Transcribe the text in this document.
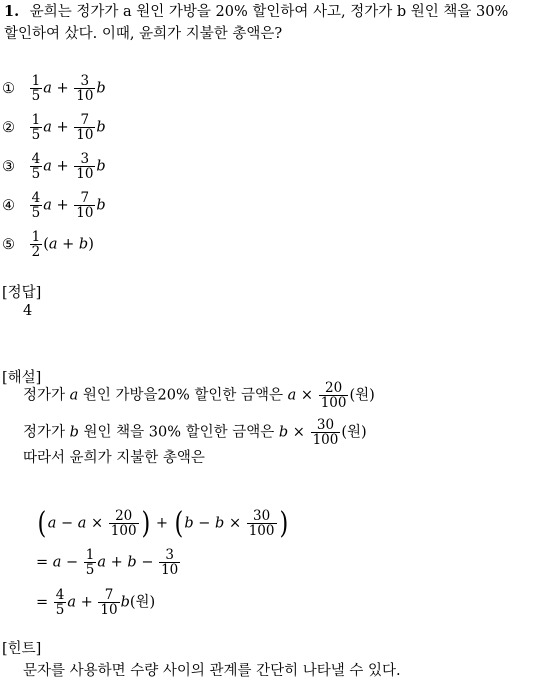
1. 윤희는 정가가 a 원인 가방을 20% 할인하여 사고, 정가가 b 원인 책을 30%
할인하여 샀다. 이때, 윤희가 지불한 총액은?
① $\frac{1}{5}$ $a + \frac{3}{10}$ b
② $\frac{1}{5}$ $a + \frac{7}{10}$ b
③ $\frac{4}{5}$ $a + \frac{3}{10}$ b
④ $\frac{4}{5}$ $a + \frac{7}{10}$ b
⑤ $\frac{1}{2} (a + b)$
[정답]
4
[해설]
정가가 a 원인 가방을20% 할인한 금액은 $a \times \frac{20}{100}$ (원)
정가가 b 원인 책을 30% 할인한 금액은 $b \times \frac{30}{100}$ (원)
따라서 윤희가 지불한 총액은
($a - a \times \frac{20}{100}$ ) + ($b - b \times \frac{30}{100}$ )
= $a - \frac{1}{5}$ $a + b - \frac{3}{10}$
= $\frac{4}{5}$ $a + \frac{7}{10} b$(원)
[힌트]
문자를 사용하면 수량 사이의 관계를 간단히 나타낼 수 있다.
